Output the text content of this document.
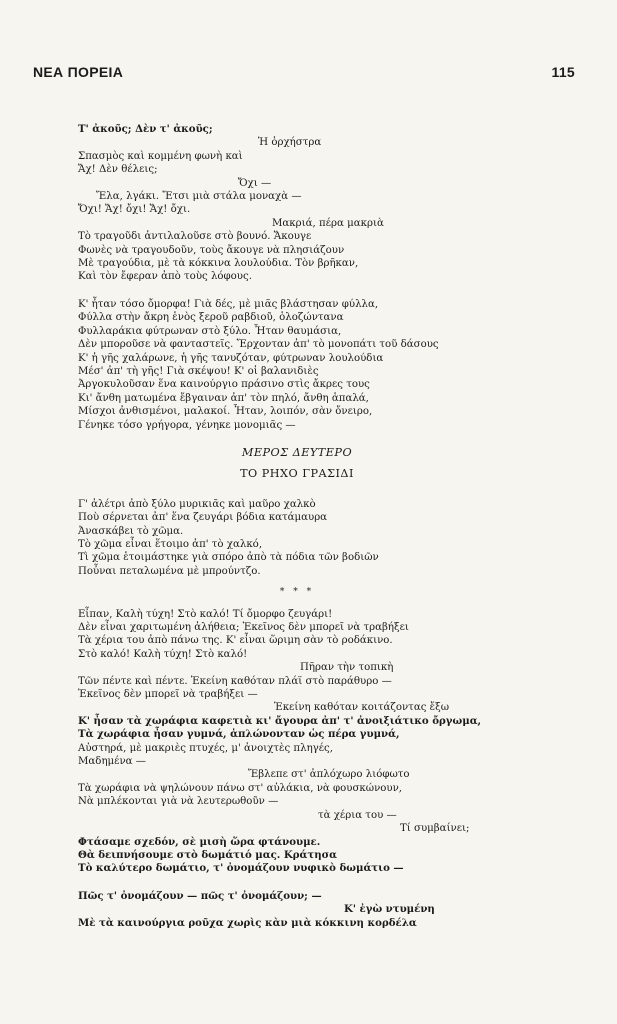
ΝΕΑ ΠΟΡΕΙΑ	115
Τ' ἀκοῦς; Δὲν τ' ἀκοῦς;
Ἡ ὀρχήστρα
Σπασμὸς καὶ κομμένη φωνὴ καὶ
Ἄχ! Δὲν θέλεις;
Ὄχι —
Ἔλα, λγάκι. Ἔτσι μιὰ στάλα μοναχὰ —
Ὄχι! Ἄχ! ὄχι! Ἄχ! ὄχι.
Μακριά, πέρα μακριὰ
Τὸ τραγοῦδι ἀντιλαλοῦσε στὸ βουνό. Ἄκουγε
Φωνὲς νὰ τραγουδοῦν, τοὺς ἄκουγε νὰ πλησιάζουν
Μὲ τραγούδια, μὲ τὰ κόκκινα λουλούδια. Τὸν βρῆκαν,
Καὶ τὸν ἔφεραν ἀπὸ τοὺς λόφους.
Κ' ἦταν τόσο ὄμορφα! Γιὰ δές, μὲ μιᾶς βλάστησαν φύλλα,
Φύλλα στὴν ἄκρη ἑνὸς ξεροῦ ραβδιοῦ, ὁλοζώντανα
Φυλλαράκια φύτρωναν στὸ ξύλο. Ἦταν θαυμάσια,
Δὲν μποροῦσε νὰ φανταστεῖς. Ἔρχονταν ἀπ' τὸ μονοπάτι τοῦ δάσους
Κ' ἡ γῆς χαλάρωνε, ἡ γῆς τανυζόταν, φύτρωναν λουλούδια
Μέσ' ἀπ' τὴ γῆς! Γιὰ σκέψου! Κ' οἱ βαλανιδιὲς
Ἀργοκυλοῦσαν ἕνα καινούργιο πράσινο στὶς ἄκρες τους
Κι' ἄνθη ματωμένα ἔβγαιναν ἀπ' τὸν πηλό, ἄνθη ἁπαλά,
Μίσχοι ἀνθισμένοι, μαλακοί. Ἦταν, λοιπόν, σὰν ὄνειρο,
Γένηκε τόσο γρήγορα, γένηκε μονομιᾶς —
ΜΕΡΟΣ ΔΕΥΤΕΡΟ
ΤΟ ΡΗΧΟ ΓΡΑΣΙΔΙ
Γ' ἀλέτρι ἀπὸ ξύλο μυρικιᾶς καὶ μαῦρο χαλκὸ
Ποὺ σέρνεται ἀπ' ἕνα ζευγάρι βόδια κατάμαυρα
Ἀνασκάβει τὸ χῶμα.
Τὸ χῶμα εἶναι ἕτοιμο ἀπ' τὸ χαλκό,
Τὶ χῶμα ἑτοιμάστηκε γιὰ σπόρο ἀπὸ τὰ πόδια τῶν βοδιῶν
Ποὖναι πεταλωμένα μὲ μπρούντζο.
* * *
Εἶπαν, Καλὴ τύχη! Στὸ καλό! Τί ὄμορφο ζευγάρι!
Δὲν εἶναι χαριτωμένη ἀλήθεια; Ἐκεῖνος δὲν μπορεῖ νὰ τραβήξει
Τὰ χέρια του ἀπὸ πάνω της. Κ' εἶναι ὥριμη σὰν τὸ ροδάκινο.
Στὸ καλό! Καλὴ τύχη! Στὸ καλό!
Πῆραν τὴν τοπικὴ
Τῶν πέντε καὶ πέντε. Ἐκείνη καθόταν πλάϊ στὸ παράθυρο —
Ἐκεῖνος δὲν μπορεῖ νὰ τραβήξει —
Ἐκείνη καθόταν κοιτάζοντας ἔξω
Κ' ἦσαν τὰ χωράφια καφετιὰ κι' ἄγουρα ἀπ' τ' ἀνοιξιάτικο ὄργωμα,
Τὰ χωράφια ἦσαν γυμνά, ἁπλώνονταν ὡς πέρα γυμνά,
Αὐστηρά, μὲ μακριὲς πτυχές, μ' ἀνοιχτὲς πληγές,
Μαδημένα —
Ἔβλεπε στ' ἀπλόχωρο λιόφωτο
Τὰ χωράφια νὰ ψηλώνουν πάνω στ' αὐλάκια, νὰ φουσκώνουν,
Νὰ μπλέκονται γιὰ νὰ λευτερωθοῦν —
τὰ χέρια του —
Τί συμβαίνει;
Φτάσαμε σχεδόν, σὲ μισὴ ὥρα φτάνουμε.
Θὰ δειπνήσουμε στὸ δωμάτιό μας. Κράτησα
Τὸ καλύτερο δωμάτιο, τ' ὀνομάζουν νυφικὸ δωμάτιο —
Πῶς τ' ὀνομάζουν — πῶς τ' ὀνομάζουν; —
Κ' ἐγὼ ντυμένη
Μὲ τὰ καινούργια ροῦχα χωρὶς κὰν μιὰ κόκκινη κορδέλα
